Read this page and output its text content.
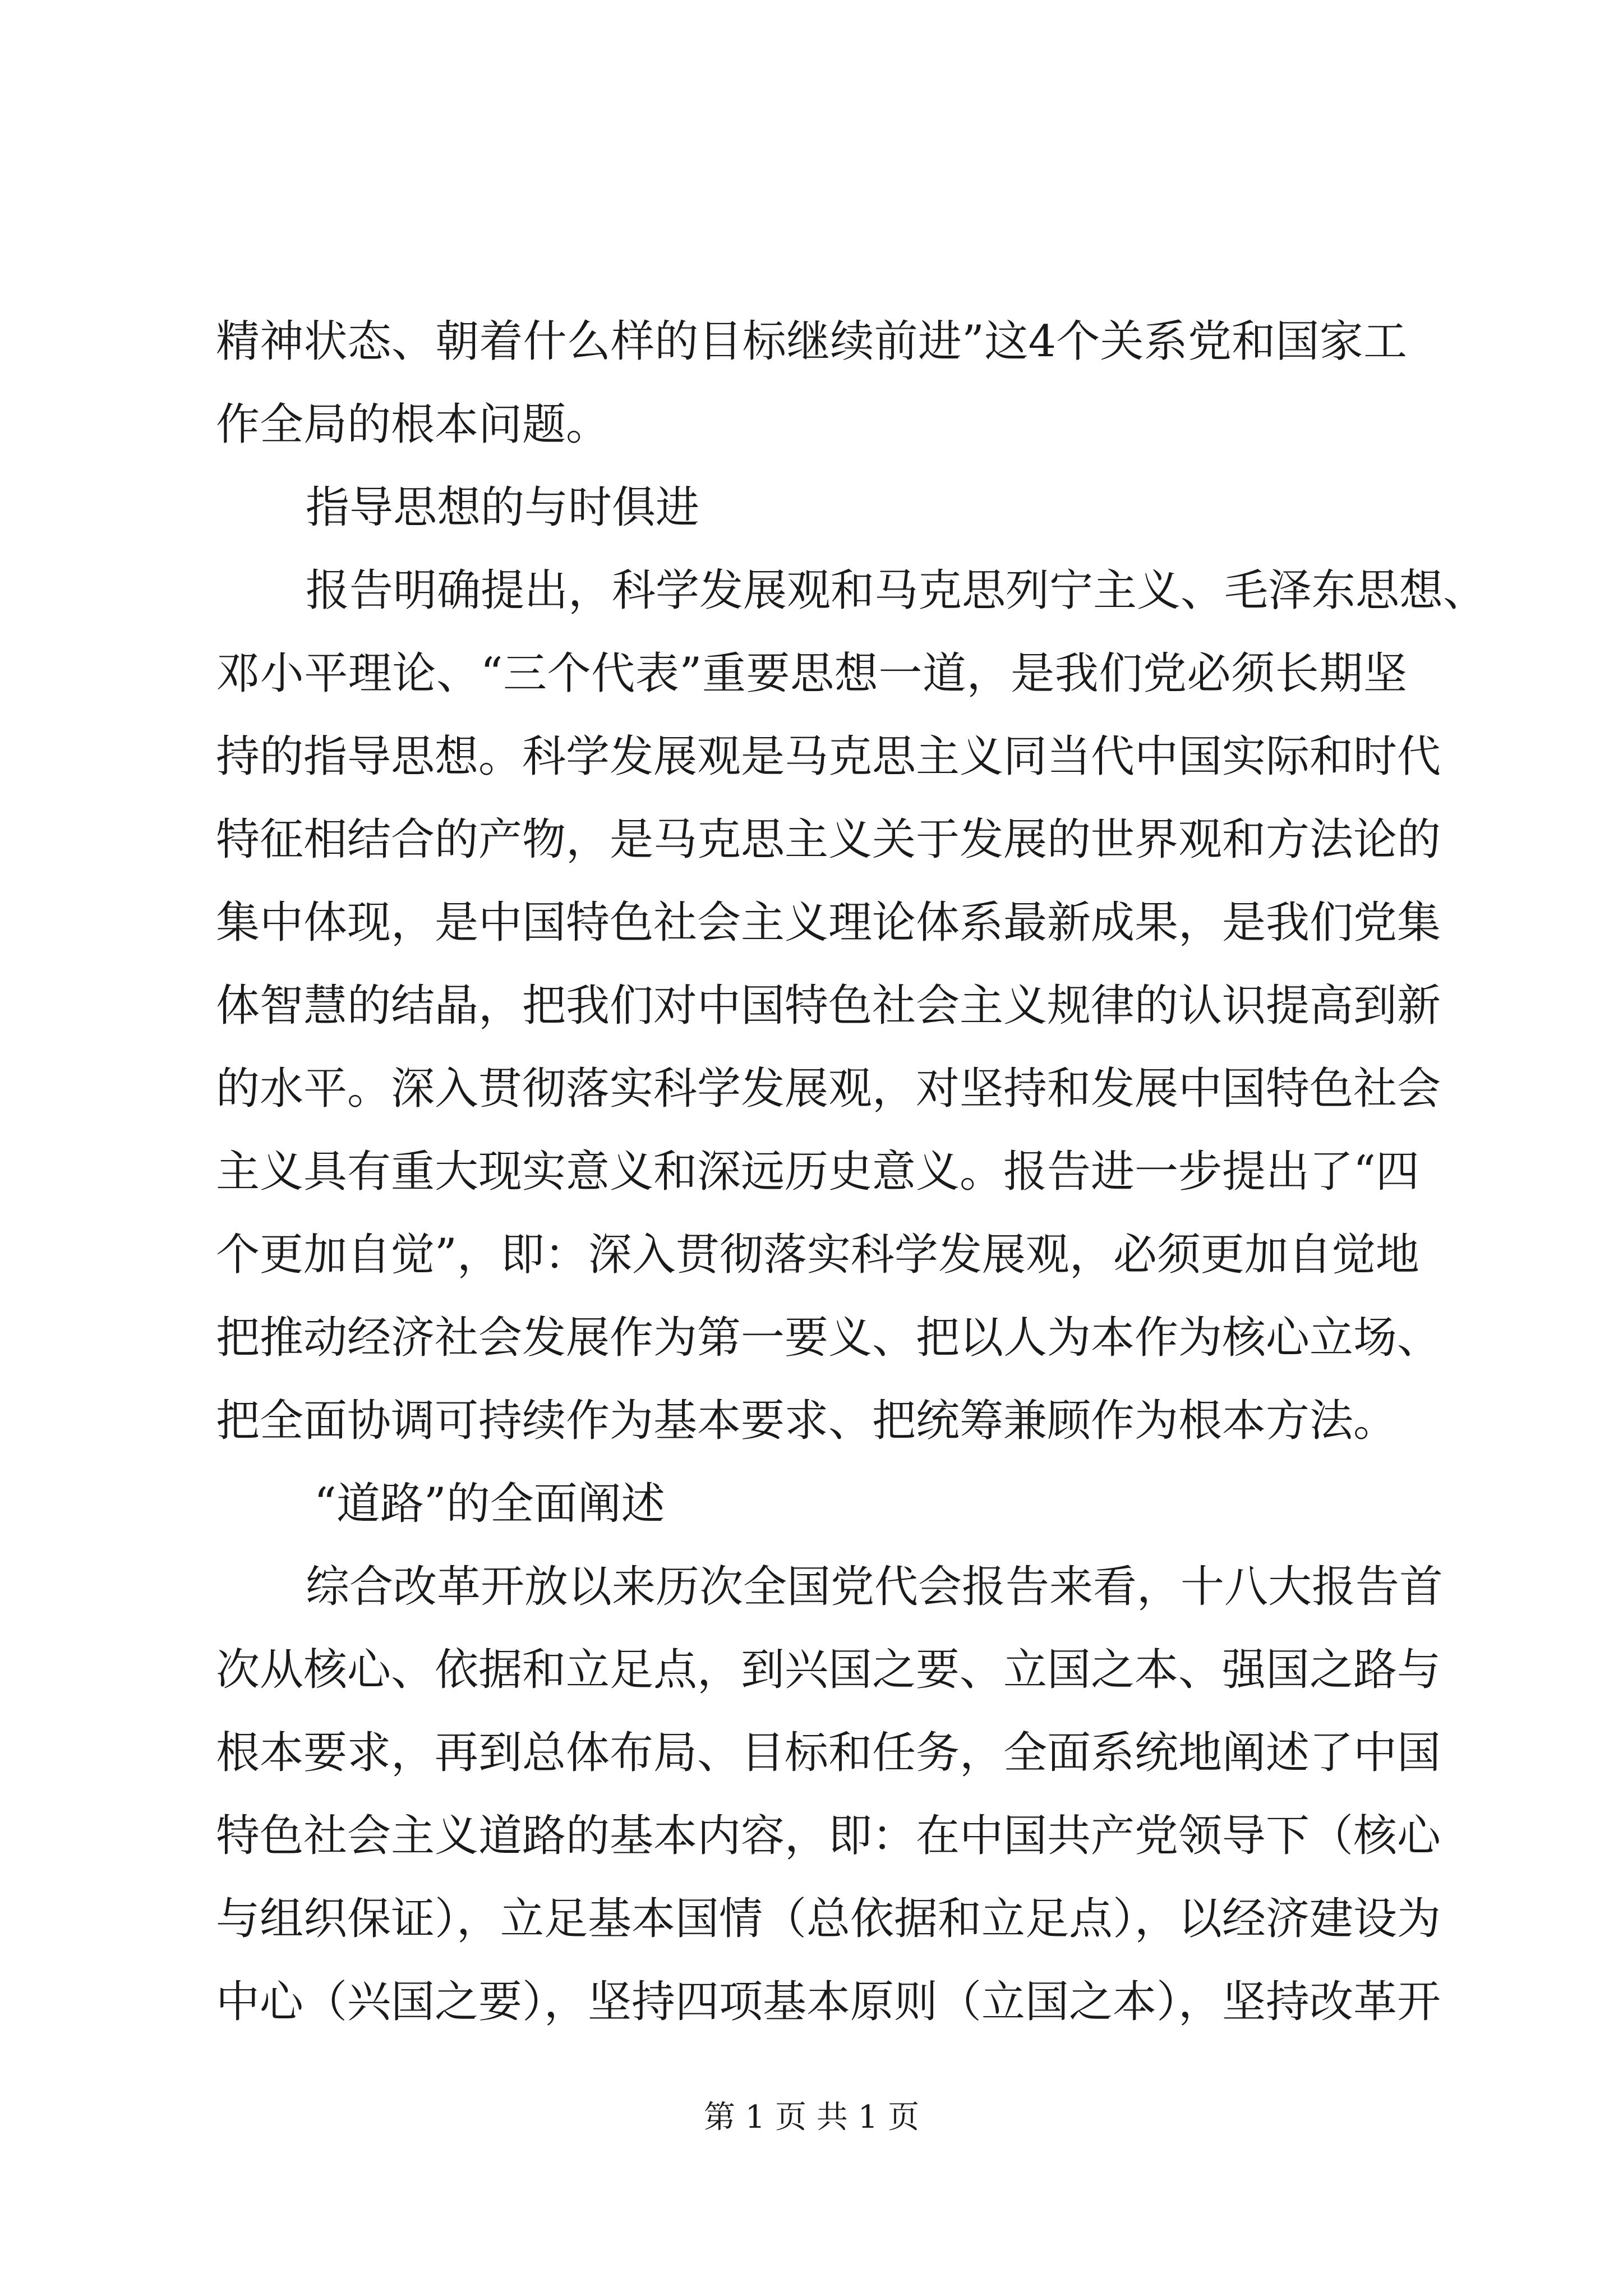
精神状态、朝着什么样的目标继续前进”这4个关系党和国家工
作全局的根本问题。
指导思想的与时俱进
报告明确提出，科学发展观和马克思列宁主义、毛泽东思想、
邓小平理论、“三个代表”重要思想一道，是我们党必须长期坚
持的指导思想。科学发展观是马克思主义同当代中国实际和时代
特征相结合的产物，是马克思主义关于发展的世界观和方法论的
集中体现，是中国特色社会主义理论体系最新成果，是我们党集
体智慧的结晶，把我们对中国特色社会主义规律的认识提高到新
的水平。深入贯彻落实科学发展观，对坚持和发展中国特色社会
主义具有重大现实意义和深远历史意义。报告进一步提出了“四
个更加自觉”，即：深入贯彻落实科学发展观，必须更加自觉地
把推动经济社会发展作为第一要义、把以人为本作为核心立场、
把全面协调可持续作为基本要求、把统筹兼顾作为根本方法。
“道路”的全面阐述
综合改革开放以来历次全国党代会报告来看，十八大报告首
次从核心、依据和立足点，到兴国之要、立国之本、强国之路与
根本要求，再到总体布局、目标和任务，全面系统地阐述了中国
特色社会主义道路的基本内容，即：在中国共产党领导下（核心
与组织保证），立足基本国情（总依据和立足点），以经济建设为
中心（兴国之要），坚持四项基本原则（立国之本），坚持改革开
第 1 页 共 1 页
